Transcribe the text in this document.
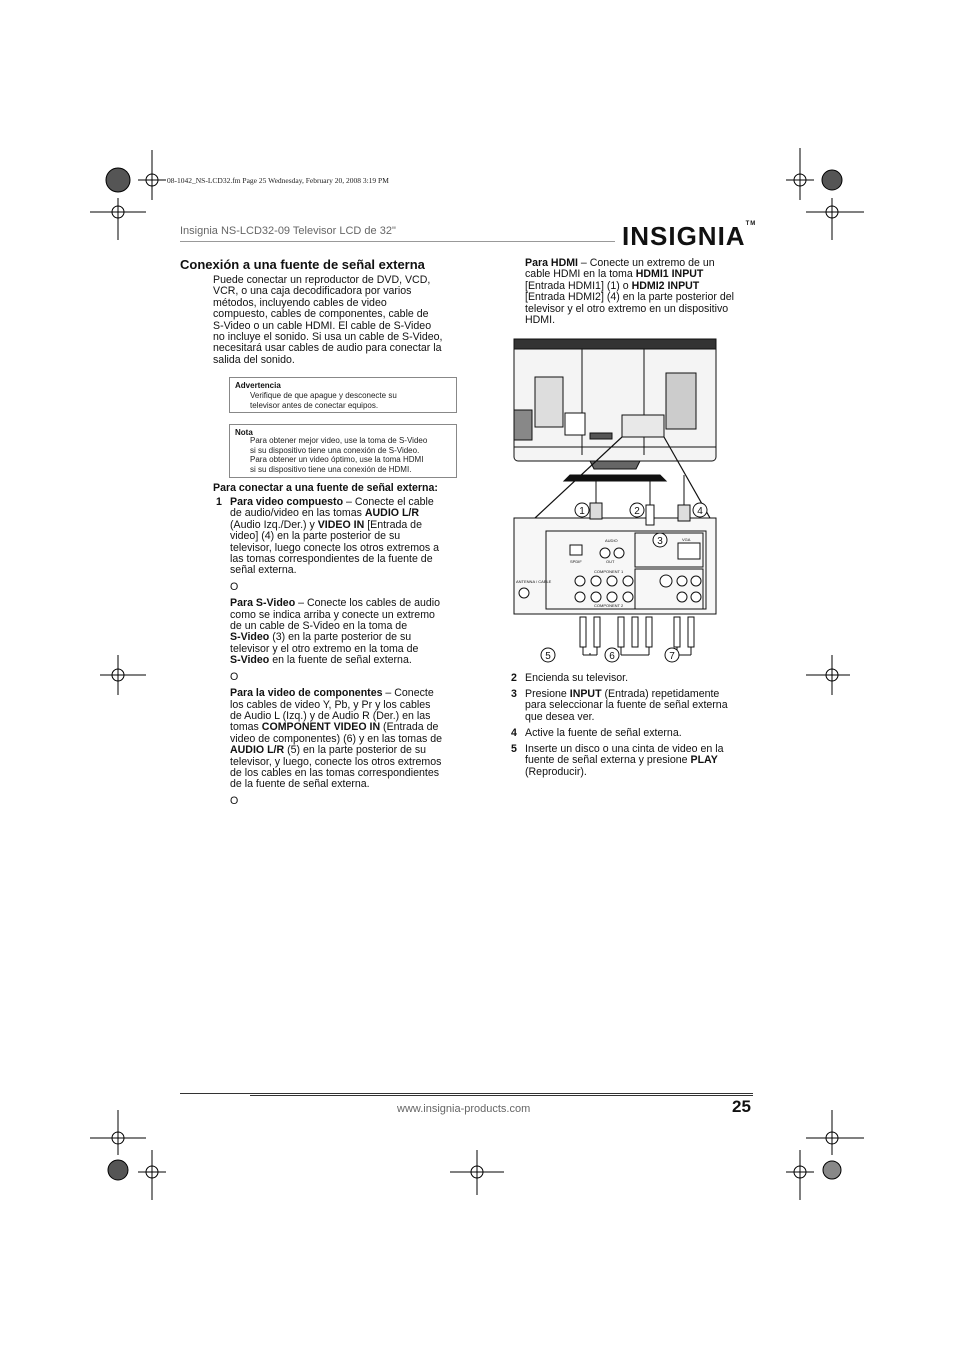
08-1042_NS-LCD32.fm Page 25 Wednesday, February 20, 2008 3:19 PM
Insignia NS-LCD32-09 Televisor LCD de 32"	INSIGNIA™
Conexión a una fuente de señal externa
Puede conectar un reproductor de DVD, VCD,
VCR, o una caja decodificadora por varios
métodos, incluyendo cables de video
compuesto, cables de componentes, cable de
S-Video o un cable HDMI. El cable de S-Video
no incluye el sonido. Si usa un cable de S-Video,
necesitará usar cables de audio para conectar la
salida del sonido.
Advertencia
Verifique de que apague y desconecte su
televisor antes de conectar equipos.
Nota
Para obtener mejor video, use la toma de S-Video
si su dispositivo tiene una conexión de S-Video.
Para obtener un video óptimo, use la toma HDMI
si su dispositivo tiene una conexión de HDMI.
Para conectar a una fuente de señal externa:
1 Para video compuesto – Conecte el cable
de audio/video en las tomas AUDIO L/R
(Audio Izq./Der.) y VIDEO IN [Entrada de
video] (4) en la parte posterior de su
televisor, luego conecte los otros extremos a
las tomas correspondientes de la fuente de
señal externa.
O
Para S-Video – Conecte los cables de audio
como se indica arriba y conecte un extremo
de un cable de S-Video en la toma de
S-Video (3) en la parte posterior de su
televisor y el otro extremo en la toma de
S-Video en la fuente de señal externa.
O
Para la video de componentes – Conecte
los cables de video Y, Pb, y Pr y los cables
de Audio L (Izq.) y de Audio R (Der.) en las
tomas COMPONENT VIDEO IN (Entrada de
video de componentes) (6) y en las tomas de
AUDIO L/R (5) en la parte posterior de su
televisor, y luego, conecte los otros extremos
de los cables en las tomas correspondientes
de la fuente de señal externa.
O
Para HDMI – Conecte un extremo de un
cable HDMI en la toma HDMI1 INPUT
[Entrada HDMI1] (1) o HDMI2 INPUT
[Entrada HDMI2] (4) en la parte posterior del
televisor y el otro extremo en un dispositivo
HDMI.
1	2
3
4
5	6	7
AUDIO
OUT
SPDIF
VGA
COMPONENT 1
COMPONENT 2
ANTENNA / CABLE
2 Encienda su televisor.
3 Presione INPUT (Entrada) repetidamente
para seleccionar la fuente de señal externa
que desea ver.
4 Active la fuente de señal externa.
5 Inserte un disco o una cinta de video en la
fuente de señal externa y presione PLAY
(Reproducir).
www.insignia-products.com	25
